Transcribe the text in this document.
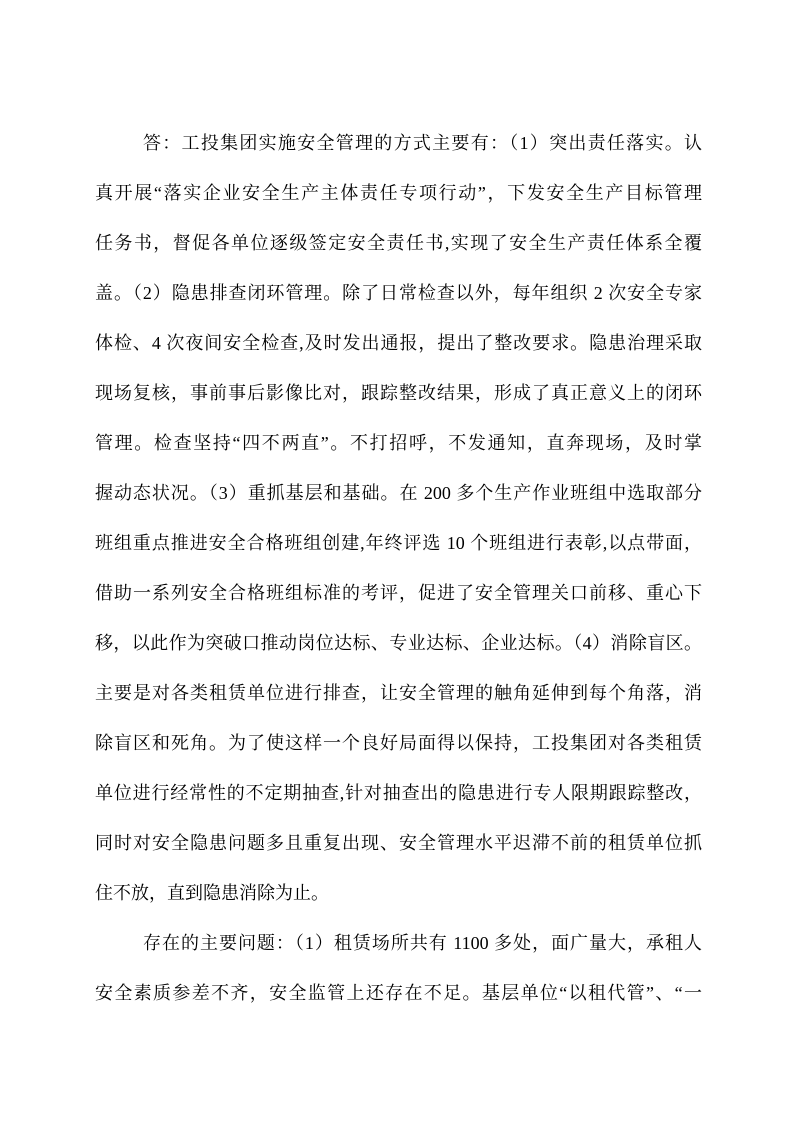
答：工投集团实施安全管理的方式主要有：（1）突出责任落实。认
真开展“落实企业安全生产主体责任专项行动”，下发安全生产目标管理
任务书，督促各单位逐级签定安全责任书,实现了安全生产责任体系全覆
盖。（2）隐患排查闭环管理。除了日常检查以外，每年组织 2 次安全专家
体检、4 次夜间安全检查,及时发出通报，提出了整改要求。隐患治理采取
现场复核，事前事后影像比对，跟踪整改结果，形成了真正意义上的闭环
管理。检查坚持“四不两直”。不打招呼，不发通知，直奔现场，及时掌
握动态状况。（3）重抓基层和基础。在 200 多个生产作业班组中选取部分
班组重点推进安全合格班组创建,年终评选 10 个班组进行表彰,以点带面，
借助一系列安全合格班组标准的考评，促进了安全管理关口前移、重心下
移，以此作为突破口推动岗位达标、专业达标、企业达标。（4）消除盲区。
主要是对各类租赁单位进行排查，让安全管理的触角延伸到每个角落，消
除盲区和死角。为了使这样一个良好局面得以保持，工投集团对各类租赁
单位进行经常性的不定期抽查,针对抽查出的隐患进行专人限期跟踪整改，
同时对安全隐患问题多且重复出现、安全管理水平迟滞不前的租赁单位抓
住不放，直到隐患消除为止。
存在的主要问题：（1）租赁场所共有 1100 多处，面广量大，承租人
安全素质参差不齐，安全监管上还存在不足。基层单位“以租代管”、“一
